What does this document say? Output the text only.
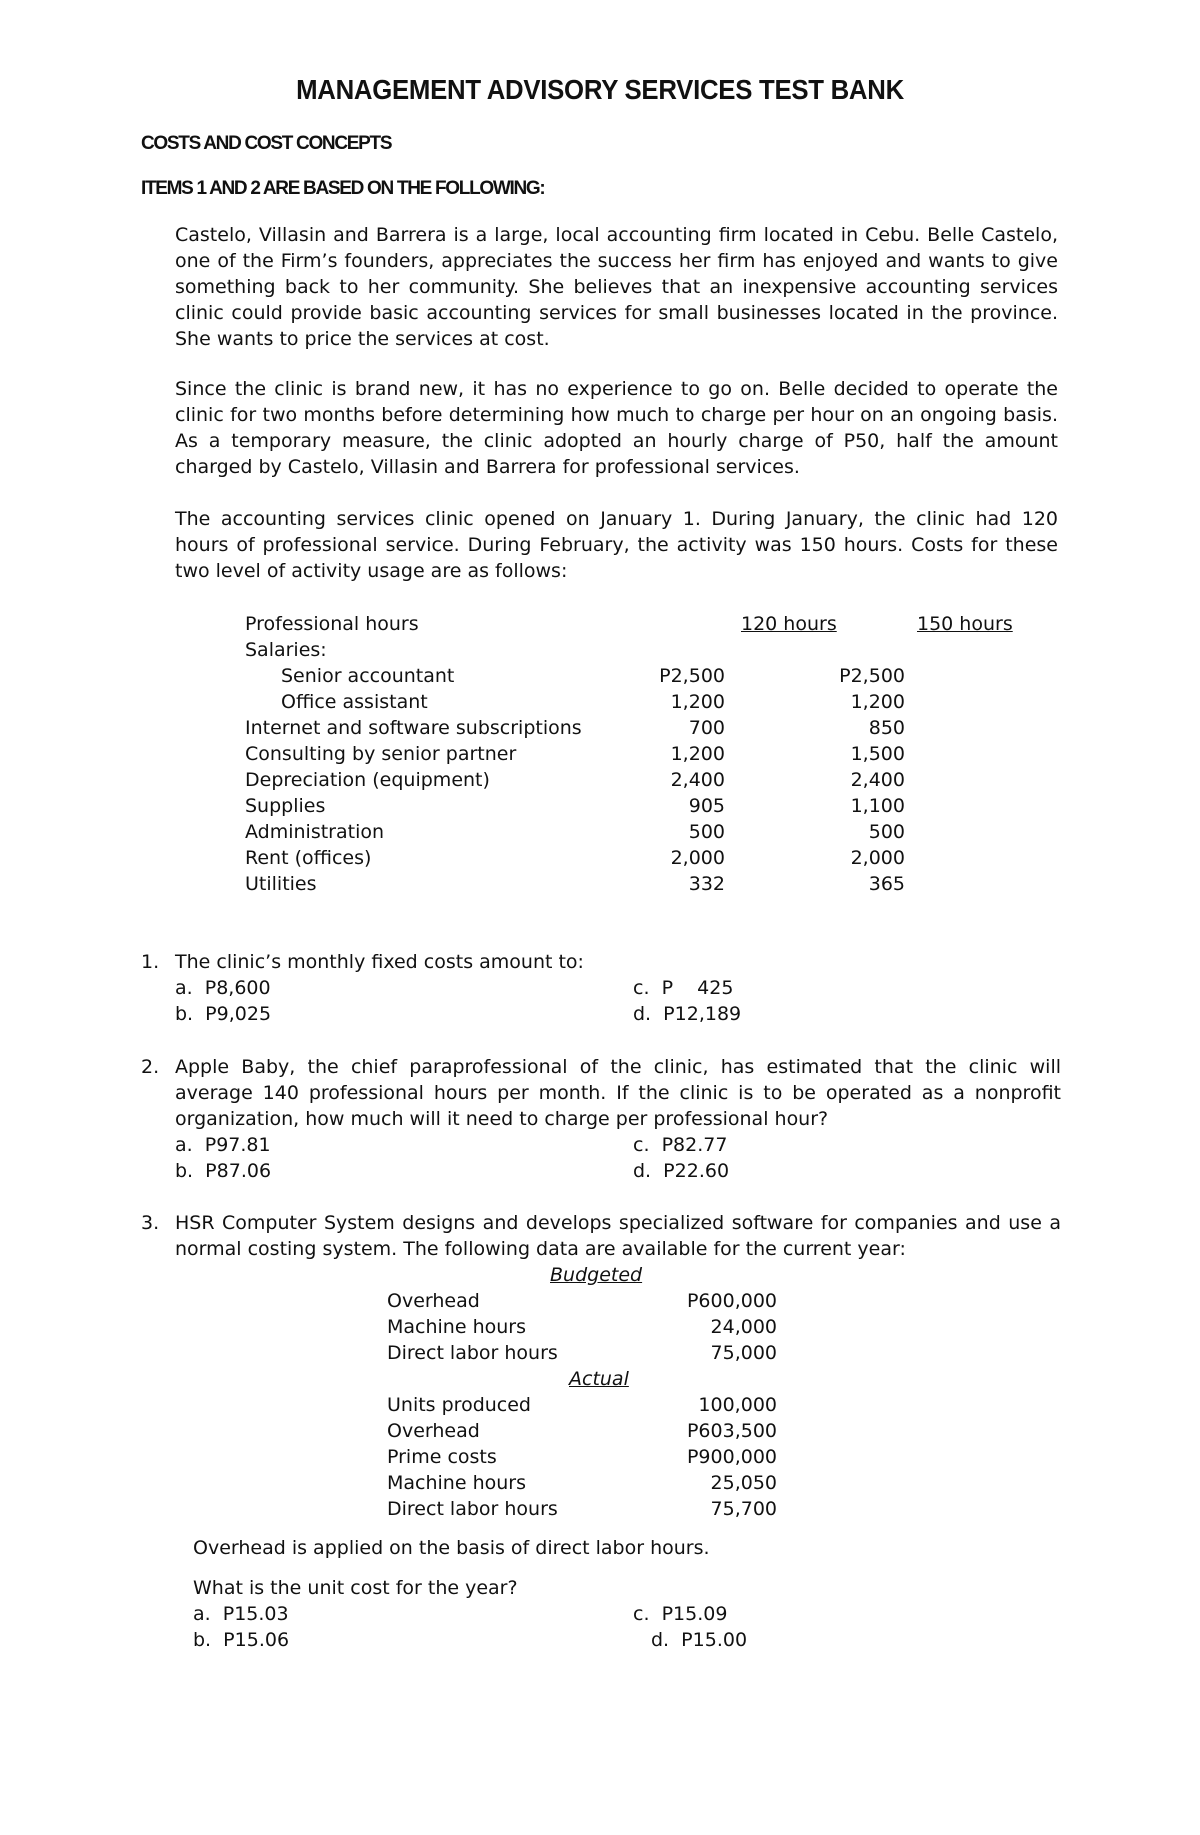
MANAGEMENT ADVISORY SERVICES TEST BANK
COSTS AND COST CONCEPTS
ITEMS 1 AND 2 ARE BASED ON THE FOLLOWING:
Castelo, Villasin and Barrera is a large, local accounting firm located in Cebu. Belle Castelo, one of the Firm’s founders, appreciates the success her firm has enjoyed and wants to give something back to her community. She believes that an inexpensive accounting services clinic could provide basic accounting services for small businesses located in the province. She wants to price the services at cost.
Since the clinic is brand new, it has no experience to go on. Belle decided to operate the clinic for two months before determining how much to charge per hour on an ongoing basis. As a temporary measure, the clinic adopted an hourly charge of P50, half the amount charged by Castelo, Villasin and Barrera for professional services.
The accounting services clinic opened on January 1. During January, the clinic had 120 hours of professional service. During February, the activity was 150 hours. Costs for these two level of activity usage are as follows:
Professional hours	120 hours	150 hours
Salaries:
Senior accountant	P2,500	P2,500
Office assistant	1,200	1,200
Internet and software subscriptions	700	850
Consulting by senior partner	1,200	1,500
Depreciation (equipment)	2,400	2,400
Supplies	905	1,100
Administration	500	500
Rent (offices)	2,000	2,000
Utilities	332	365
1. The clinic’s monthly fixed costs amount to:
a.  P8,600
b.  P9,025
c.  P    425
d.  P12,189
2. Apple Baby, the chief paraprofessional of the clinic, has estimated that the clinic will average 140 professional hours per month. If the clinic is to be operated as a nonprofit organization, how much will it need to charge per professional hour?
a.  P97.81
b.  P87.06
c.  P82.77
d.  P22.60
3. HSR Computer System designs and develops specialized software for companies and use a normal costing system. The following data are available for the current year:
Budgeted
Overhead	P600,000
Machine hours	24,000
Direct labor hours	75,000
Actual
Units produced	100,000
Overhead	P603,500
Prime costs	P900,000
Machine hours	25,050
Direct labor hours	75,700
Overhead is applied on the basis of direct labor hours.
What is the unit cost for the year?
a.  P15.03
b.  P15.06
c.  P15.09
d.  P15.00
